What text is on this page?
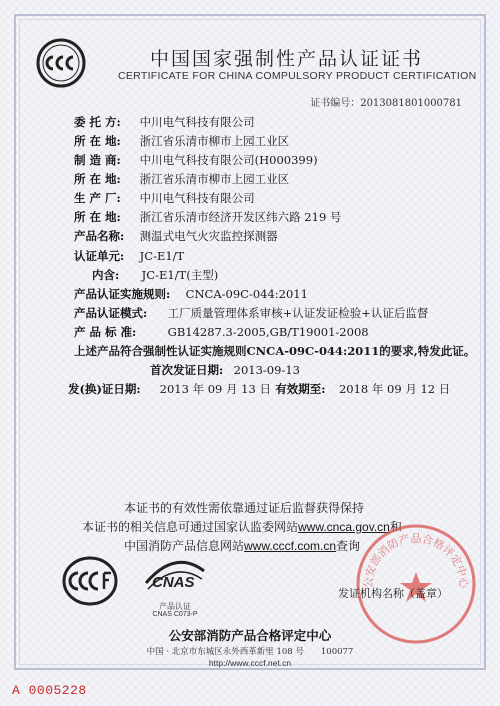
中国国家强制性产品认证证书
CERTIFICATE FOR CHINA COMPULSORY PRODUCT CERTIFICATION
证书编号：2013081801000781
委 托 方: 中川电气科技有限公司
所 在 地: 浙江省乐清市柳市上园工业区
制 造 商: 中川电气科技有限公司(H000399)
所 在 地: 浙江省乐清市柳市上园工业区
生 产 厂: 中川电气科技有限公司
所 在 地: 浙江省乐清市经济开发区纬六路 219 号
产品名称: 测温式电气火灾监控探测器
认证单元: JC-E1/T
内含: JC-E1/T(主型)
产品认证实施规则: CNCA-09C-044:2011
产品认证模式: 工厂质量管理体系审核+认证发证检验+认证后监督
产 品 标 准:	GB14287.3-2005,GB/T19001-2008
上述产品符合强制性认证实施规则CNCA-09C-044:2011的要求,特发此证。
首次发证日期: 2013-09-13
发(换)证日期: 2013 年 09 月 13 日 有效期至: 2018 年 09 月 12 日
本证书的有效性需依靠通过证后监督获得保持
本证书的相关信息可通过国家认监委网站www.cnca.gov.cn和
中国消防产品信息网站www.cccf.com.cn查询
CNAS
产品认证
CNAS C073-P
公安部消防产品合格评定中心
发证机构名称（盖章）
公安部消防产品合格评定中心
中国 · 北京市东城区永外西革新里 108 号　　100077
http://www.cccf.net.cn
A 0005228
